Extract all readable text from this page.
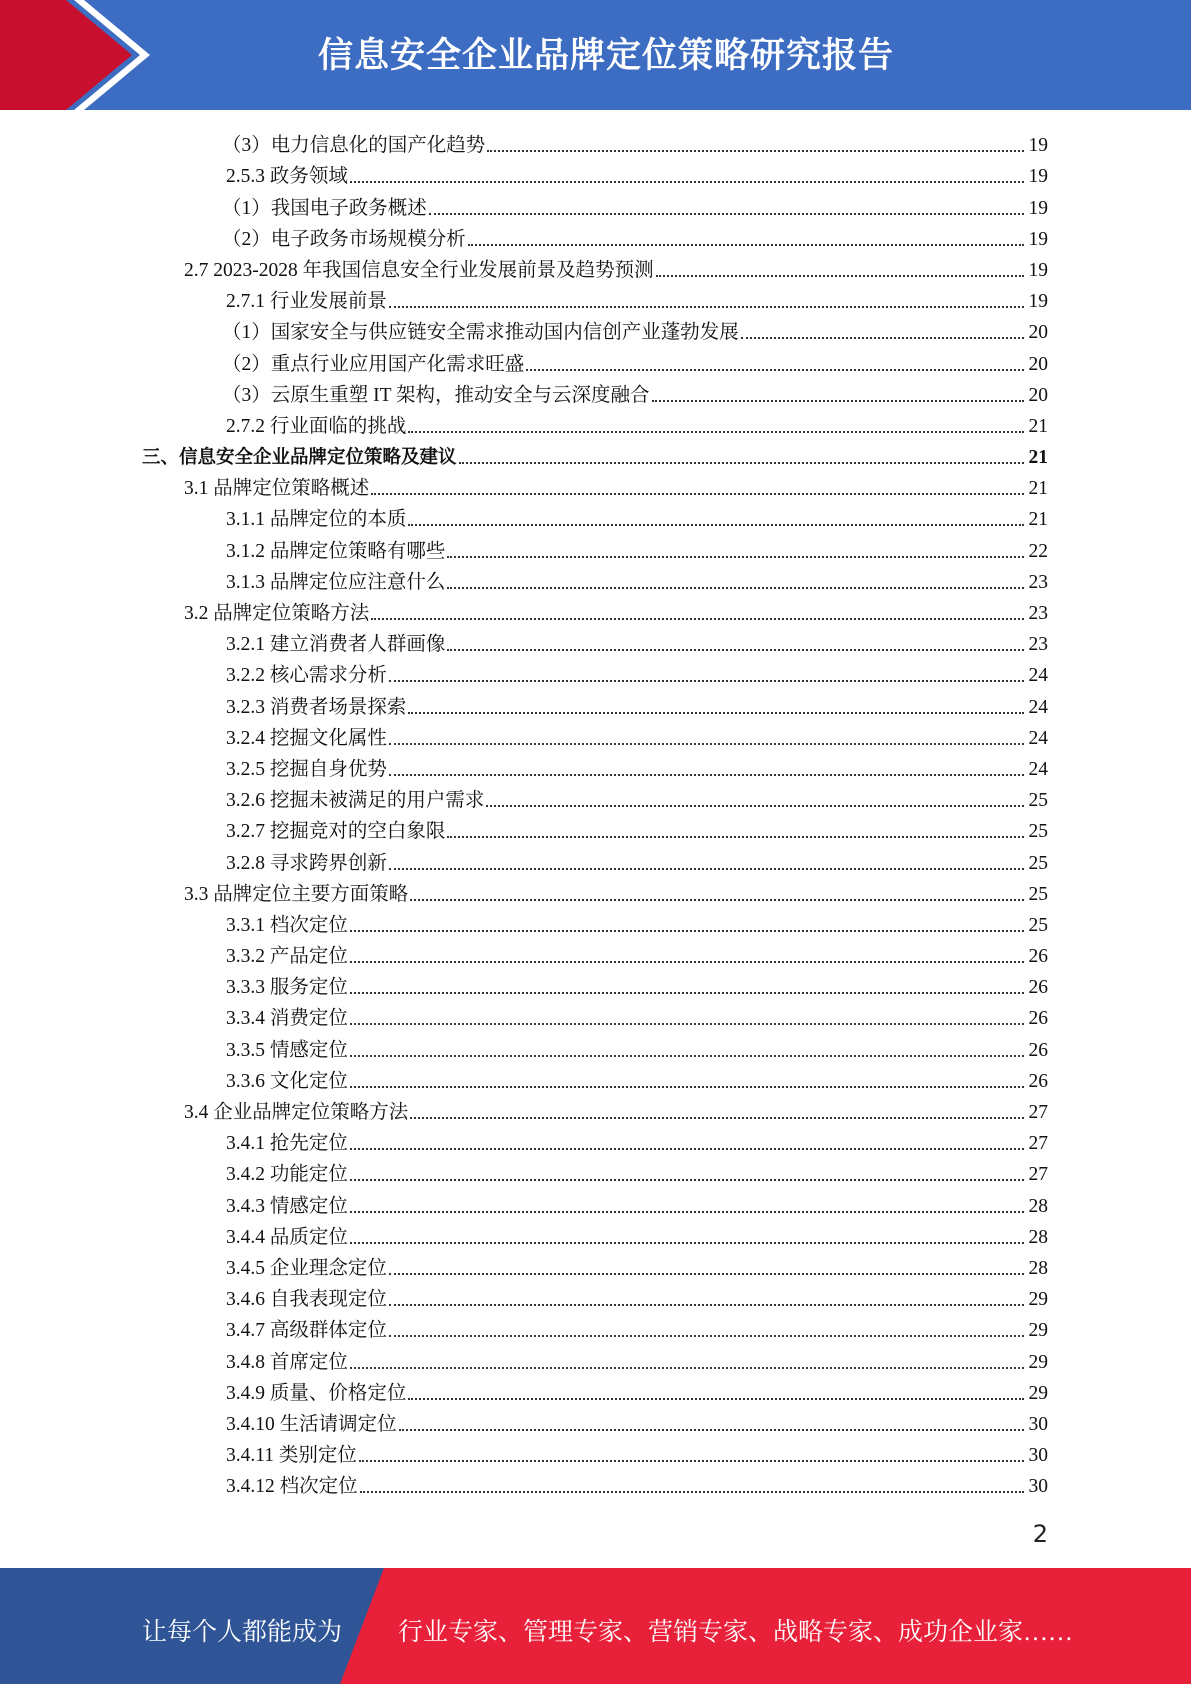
信息安全企业品牌定位策略研究报告
（3）电力信息化的国产化趋势	19
2.5.3 政务领域	19
（1）我国电子政务概述	19
（2）电子政务市场规模分析	19
2.7 2023-2028 年我国信息安全行业发展前景及趋势预测	19
2.7.1 行业发展前景	19
（1）国家安全与供应链安全需求推动国内信创产业蓬勃发展	20
（2）重点行业应用国产化需求旺盛	20
（3）云原生重塑 IT 架构，推动安全与云深度融合	20
2.7.2 行业面临的挑战	21
三、信息安全企业品牌定位策略及建议	21
3.1 品牌定位策略概述	21
3.1.1 品牌定位的本质	21
3.1.2 品牌定位策略有哪些	22
3.1.3 品牌定位应注意什么	23
3.2 品牌定位策略方法	23
3.2.1 建立消费者人群画像	23
3.2.2 核心需求分析	24
3.2.3 消费者场景探索	24
3.2.4 挖掘文化属性	24
3.2.5 挖掘自身优势	24
3.2.6 挖掘未被满足的用户需求	25
3.2.7 挖掘竞对的空白象限	25
3.2.8 寻求跨界创新	25
3.3 品牌定位主要方面策略	25
3.3.1 档次定位	25
3.3.2 产品定位	26
3.3.3 服务定位	26
3.3.4 消费定位	26
3.3.5 情感定位	26
3.3.6 文化定位	26
3.4 企业品牌定位策略方法	27
3.4.1 抢先定位	27
3.4.2 功能定位	27
3.4.3 情感定位	28
3.4.4 品质定位	28
3.4.5 企业理念定位	28
3.4.6 自我表现定位	29
3.4.7 高级群体定位	29
3.4.8 首席定位	29
3.4.9 质量、价格定位	29
3.4.10 生活请调定位	30
3.4.11 类别定位	30
3.4.12 档次定位	30
2
让每个人都能成为 行业专家、管理专家、营销专家、战略专家、成功企业家……
